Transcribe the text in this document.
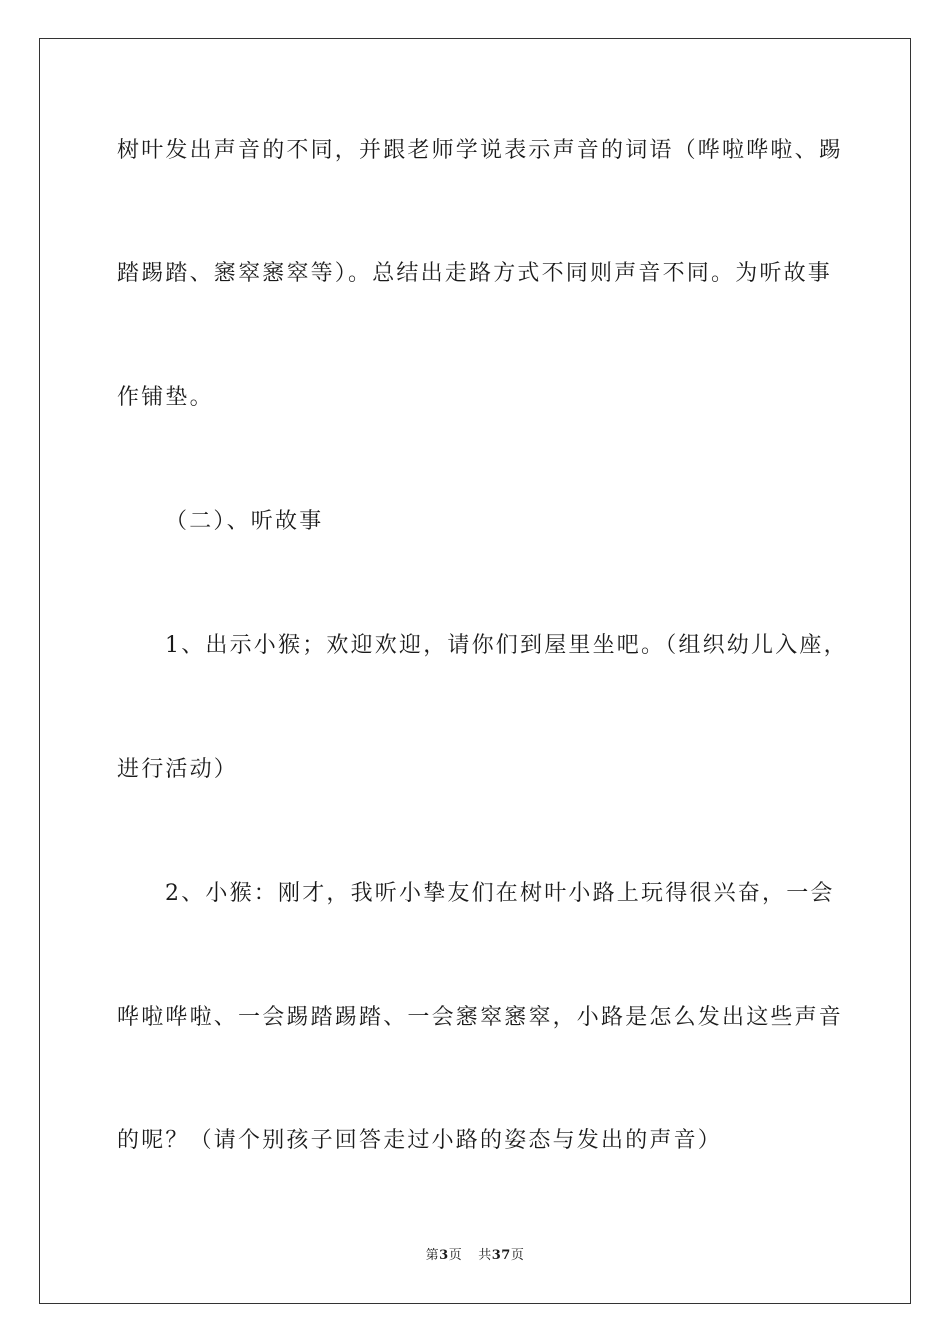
树叶发出声音的不同，并跟老师学说表示声音的词语（哗啦哗啦、踢
踏踢踏、窸窣窸窣等）。总结出走路方式不同则声音不同。为听故事
作铺垫。
（二）、听故事
1、出示小猴；欢迎欢迎，请你们到屋里坐吧。（组织幼儿入座，
进行活动）
2、小猴：刚才，我听小挚友们在树叶小路上玩得很兴奋，一会
哗啦哗啦、一会踢踏踢踏、一会窸窣窸窣，小路是怎么发出这些声音
的呢？（请个别孩子回答走过小路的姿态与发出的声音）
第3页 共37页
